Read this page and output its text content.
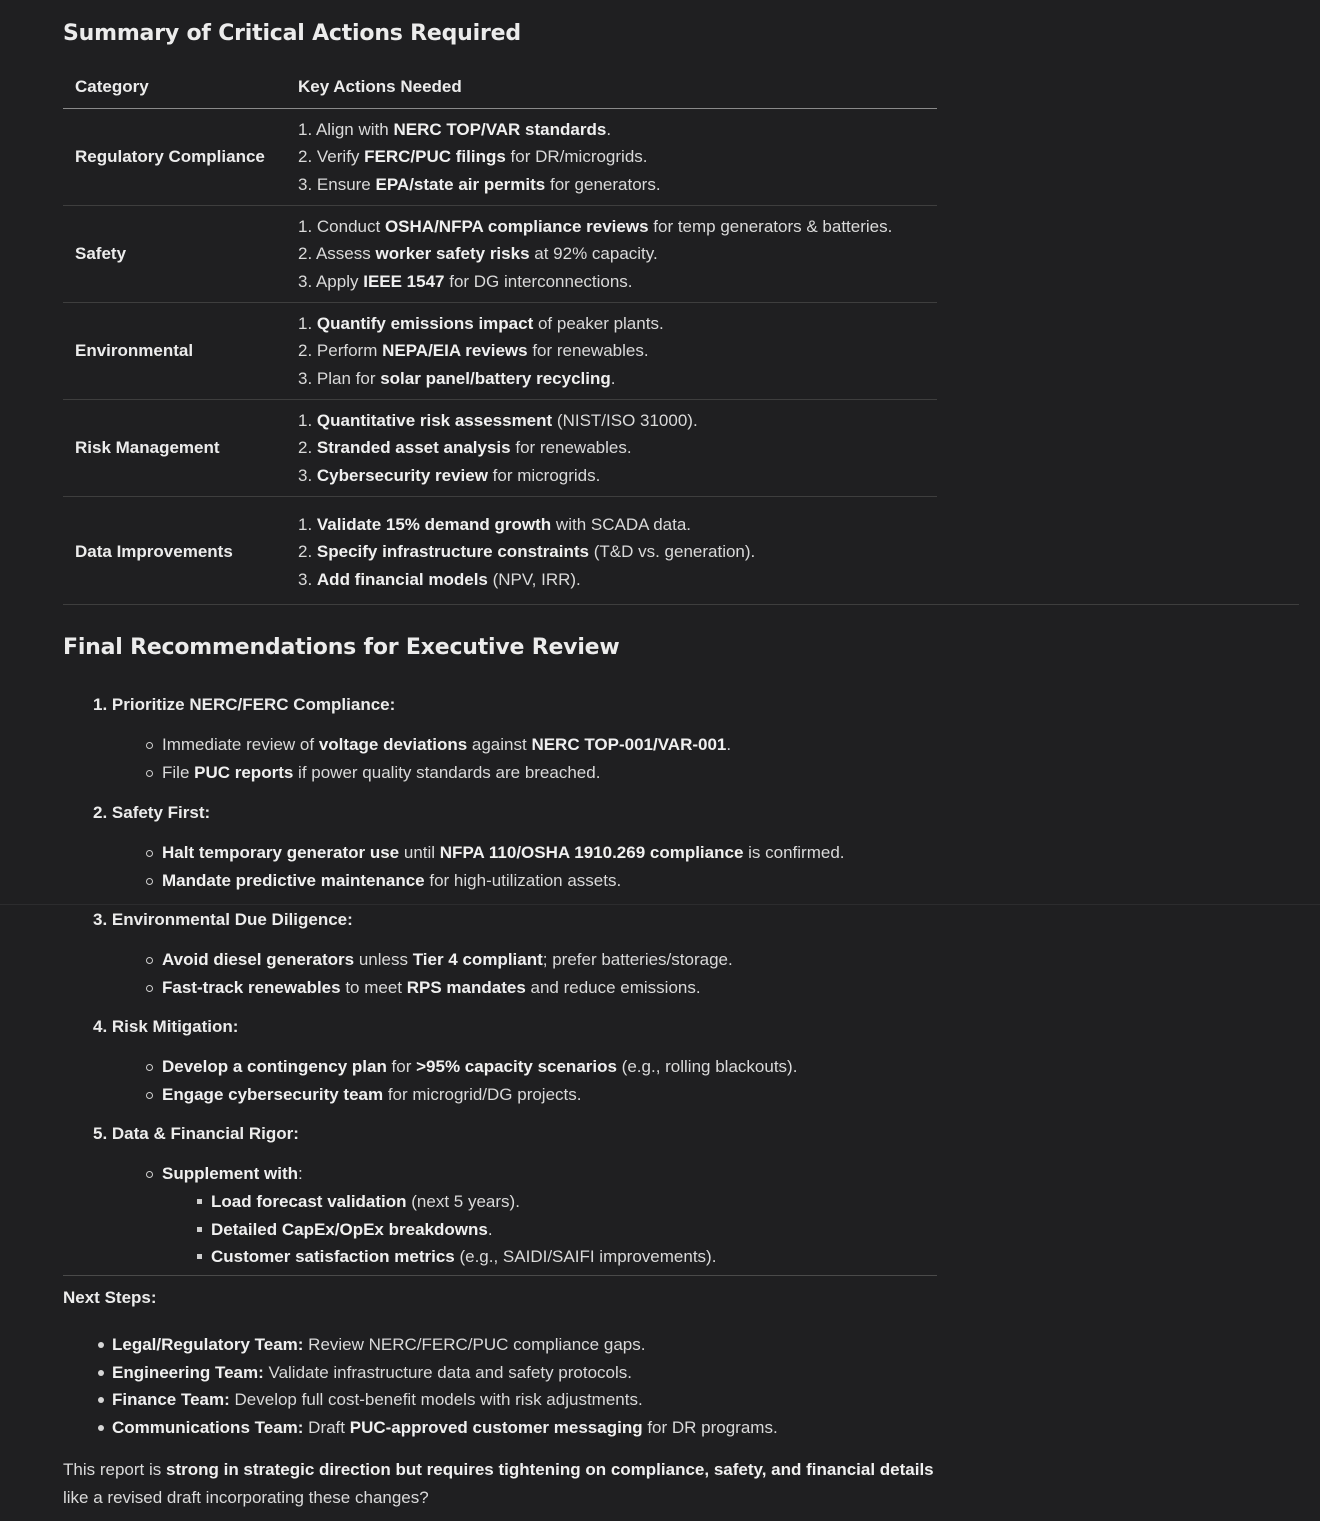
Summary of Critical Actions Required
Category	Key Actions Needed
Regulatory Compliance	1. Align with NERC TOP/VAR standards.
2. Verify FERC/PUC filings for DR/microgrids.
3. Ensure EPA/state air permits for generators.

Safety	1. Conduct OSHA/NFPA compliance reviews for temp generators & batteries.
2. Assess worker safety risks at 92% capacity.
3. Apply IEEE 1547 for DG interconnections.

Environmental	1. Quantify emissions impact of peaker plants.
2. Perform NEPA/EIA reviews for renewables.
3. Plan for solar panel/battery recycling.

Risk Management	1. Quantitative risk assessment (NIST/ISO 31000).
2. Stranded asset analysis for renewables.
3. Cybersecurity review for microgrids.

Data Improvements	1. Validate 15% demand growth with SCADA data.
2. Specify infrastructure constraints (T&D vs. generation).
3. Add financial models (NPV, IRR).
Final Recommendations for Executive Review
1. Prioritize NERC/FERC Compliance:
Immediate review of voltage deviations against NERC TOP-001/VAR-001.
File PUC reports if power quality standards are breached.
2. Safety First:
Halt temporary generator use until NFPA 110/OSHA 1910.269 compliance is confirmed.
Mandate predictive maintenance for high-utilization assets.
3. Environmental Due Diligence:
Avoid diesel generators unless Tier 4 compliant; prefer batteries/storage.
Fast-track renewables to meet RPS mandates and reduce emissions.
4. Risk Mitigation:
Develop a contingency plan for >95% capacity scenarios (e.g., rolling blackouts).
Engage cybersecurity team for microgrid/DG projects.
5. Data & Financial Rigor:
Supplement with:
Load forecast validation (next 5 years).
Detailed CapEx/OpEx breakdowns.
Customer satisfaction metrics (e.g., SAIDI/SAIFI improvements).
Next Steps:
Legal/Regulatory Team: Review NERC/FERC/PUC compliance gaps.
Engineering Team: Validate infrastructure data and safety protocols.
Finance Team: Develop full cost-benefit models with risk adjustments.
Communications Team: Draft PUC-approved customer messaging for DR programs.
This report is strong in strategic direction but requires tightening on compliance, safety, and financial details
like a revised draft incorporating these changes?
